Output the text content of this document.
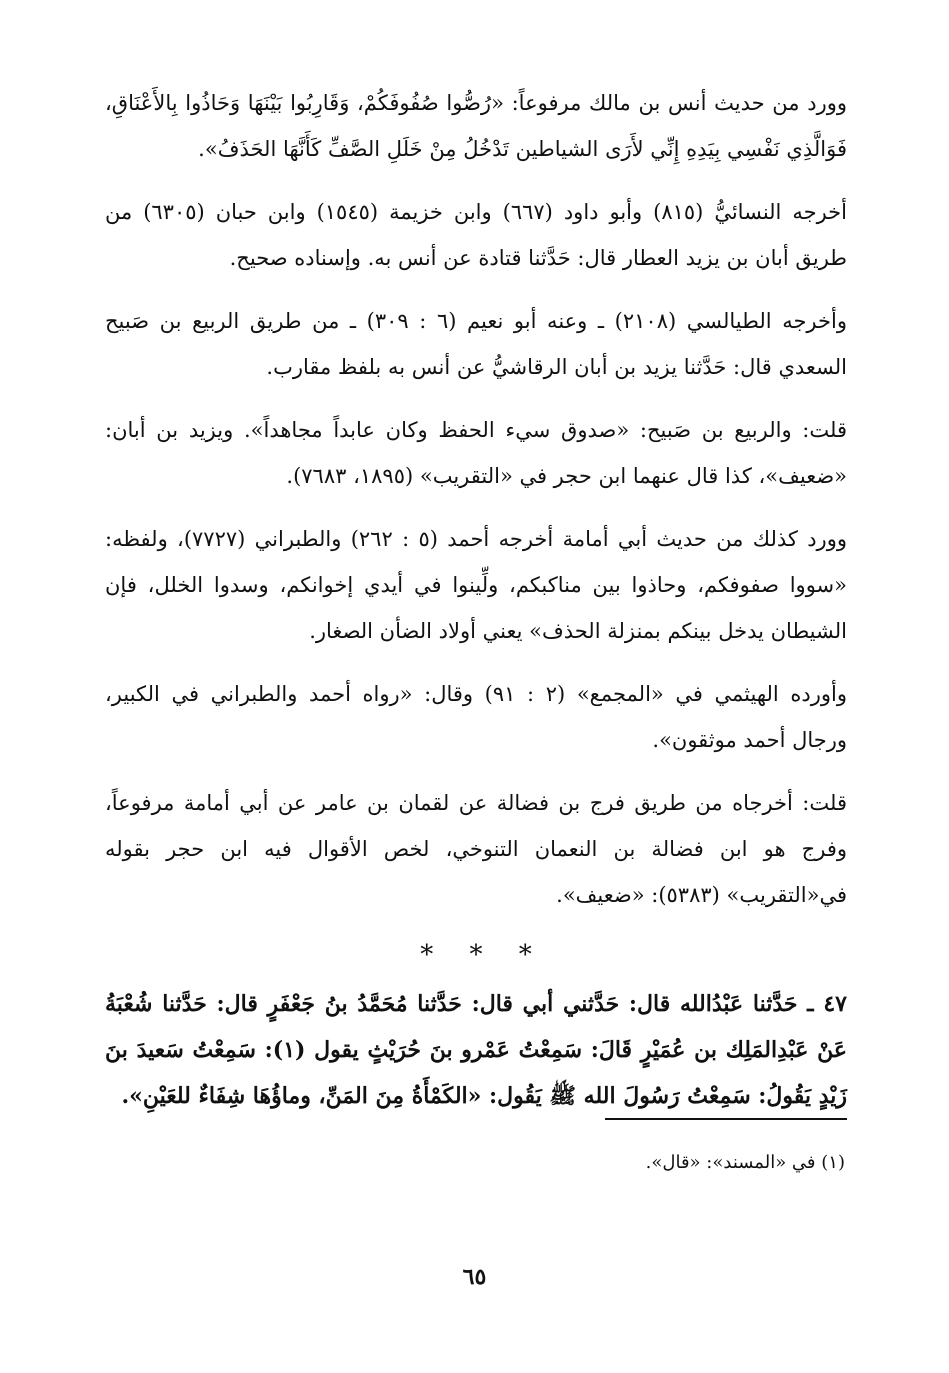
وورد من حديث أنس بن مالك مرفوعاً: «رُصُّوا صُفُوفَكُمْ، وَقَارِبُوا بَيْنَهَا وَحَاذُوا بِالأَعْنَاقِ، فَوَالَّذِي نَفْسِي بِيَدِهِ إِنِّي لأَرَى الشياطين تَدْخُلُ مِنْ خَلَلِ الصَّفِّ كَأَنَّهَا الحَذَفُ».

أخرجه النسائيُّ (٨١٥) وأبو داود (٦٦٧) وابن خزيمة (١٥٤٥) وابن حبان (٦٣٠٥) من طريق أبان بن يزيد العطار قال: حَدَّثنا قتادة عن أنس به. وإسناده صحيح.

وأخرجه الطيالسي (٢١٠٨) ـ وعنه أبو نعيم (٦ : ٣٠٩) ـ من طريق الربيع بن صَبيح السعدي قال: حَدَّثنا يزيد بن أبان الرقاشيُّ عن أنس به بلفظ مقارب.

قلت: والربيع بن صَبيح: «صدوق سيء الحفظ وكان عابداً مجاهداً». ويزيد بن أبان: «ضعيف»، كذا قال عنهما ابن حجر في «التقريب» (١٨٩٥، ٧٦٨٣).

وورد كذلك من حديث أبي أمامة أخرجه أحمد (٥ : ٢٦٢) والطبراني (٧٧٢٧)، ولفظه: «سووا صفوفكم، وحاذوا بين مناكبكم، ولِّينوا في أيدي إخوانكم، وسدوا الخلل، فإن الشيطان يدخل بينكم بمنزلة الحذف» يعني أولاد الضأن الصغار.

وأورده الهيثمي في «المجمع» (٢ : ٩١) وقال: «رواه أحمد والطبراني في الكبير، ورجال أحمد موثقون».

قلت: أخرجاه من طريق فرج بن فضالة عن لقمان بن عامر عن أبي أمامة مرفوعاً، وفرج هو ابن فضالة بن النعمان التنوخي، لخص الأقوال فيه ابن حجر بقوله في«التقريب» (٥٣٨٣): «ضعيف».

* * *

٤٧ ـ حَدَّثنا عَبْدُالله قال: حَدَّثني أبي قال: حَدَّثنا مُحَمَّدُ بنُ جَعْفَرٍ قال: حَدَّثنا شُعْبَةُ عَنْ عَبْدِالمَلِك بن عُمَيْرٍ قَالَ: سَمِعْتُ عَمْرو بنَ حُرَيْثٍ يقول (١): سَمِعْتُ سَعيدَ بنَ زَيْدٍ يَقُولُ: سَمِعْتُ رَسُولَ الله ﷺ يَقُول: «الكَمْأَةُ مِنَ المَنِّ، وماؤُهَا شِفَاءٌ للعَيْنِ».

(١) في «المسند»: «قال».
٦٥
